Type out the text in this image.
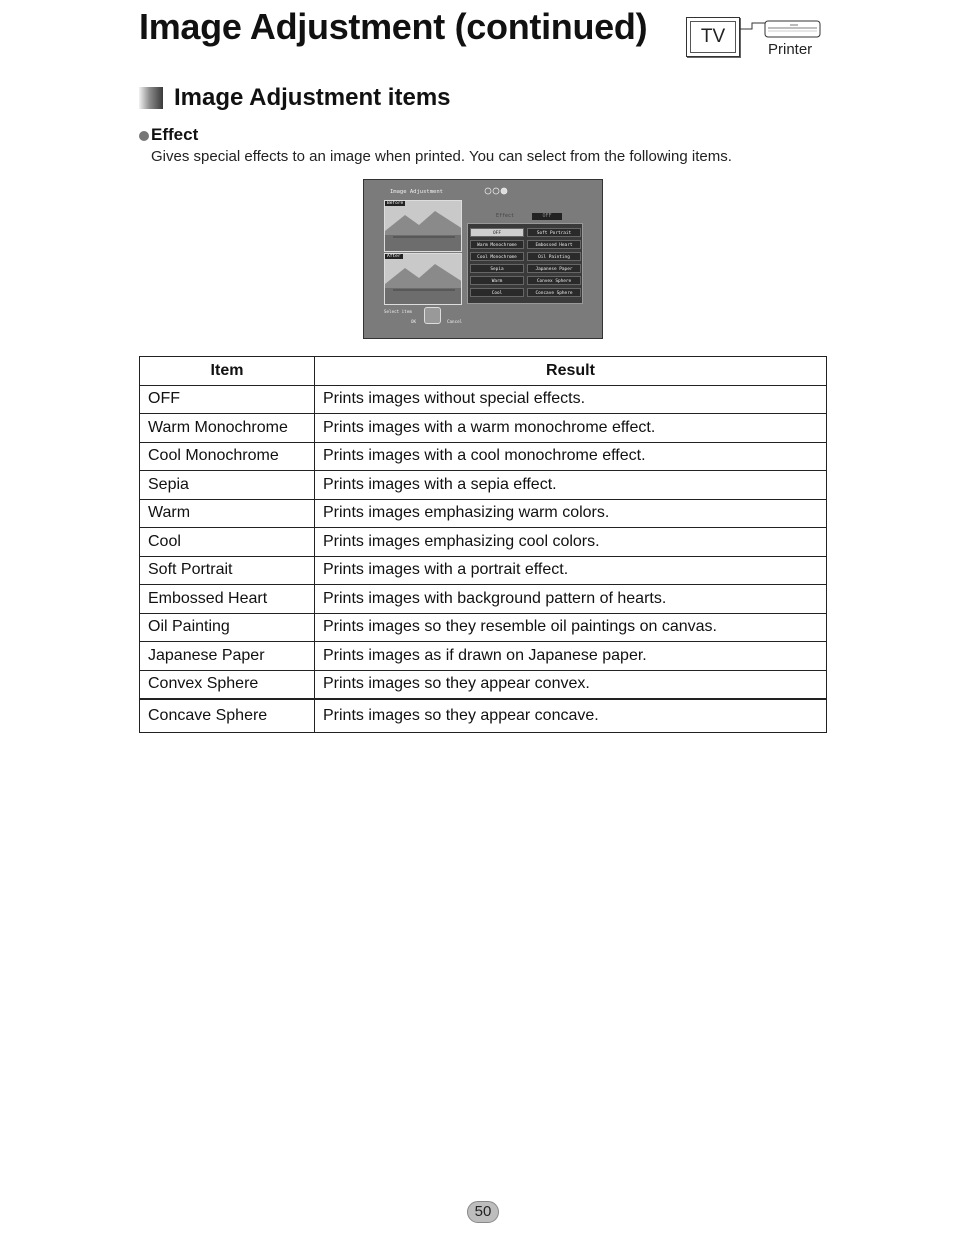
Image Adjustment (continued)	TV
Printer
Image Adjustment items
Effect
Gives special effects to an image when printed. You can select from the following items.
Image Adjustment
Before
After
Effect	OFF
OFF
Warm Monochrome
Cool Monochrome
Sepia
Warm
Cool
Soft Portrait
Embossed Heart
Oil Painting
Japanese Paper
Convex Sphere
Concave Sphere
Select item
OK	Cancel
Item	Result
OFF	Prints images without special effects.
Warm Monochrome	Prints images with a warm monochrome effect.
Cool Monochrome	Prints images with a cool monochrome effect.
Sepia	Prints images with a sepia effect.
Warm	Prints images emphasizing warm colors.
Cool	Prints images emphasizing cool colors.
Soft Portrait	Prints images with a portrait effect.
Embossed Heart	Prints images with background pattern of hearts.
Oil Painting	Prints images so they resemble oil paintings on canvas.
Japanese Paper	Prints images as if drawn on Japanese paper.
Convex Sphere	Prints images so they appear convex.
Concave Sphere	Prints images so they appear concave.
50
